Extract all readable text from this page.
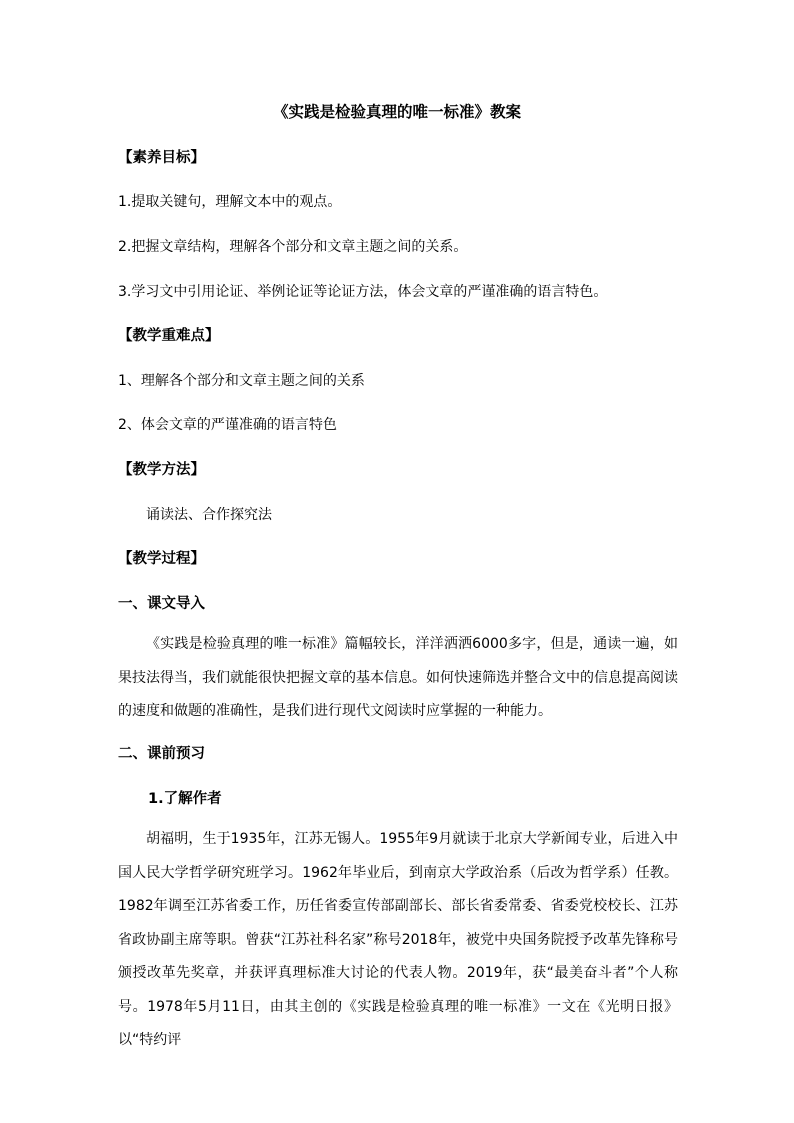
《实践是检验真理的唯一标准》教案
【素养目标】
1.提取关键句，理解文本中的观点。
2.把握文章结构，理解各个部分和文章主题之间的关系。
3.学习文中引用论证、举例论证等论证方法，体会文章的严谨准确的语言特色。
【教学重难点】
1、理解各个部分和文章主题之间的关系
2、体会文章的严谨准确的语言特色
【教学方法】
诵读法、合作探究法
【教学过程】
一、课文导入

《实践是检验真理的唯一标准》篇幅较长，洋洋洒洒6000多字，但是，通读一遍，如果技法得当，我们就能很快把握文章的基本信息。如何快速筛选并整合文中的信息提高阅读的速度和做题的准确性，是我们进行现代文阅读时应掌握的一种能力。

二、课前预习
1.了解作者

胡福明，生于1935年，江苏无锡人。1955年9月就读于北京大学新闻专业，后进入中国人民大学哲学研究班学习。1962年毕业后，到南京大学政治系（后改为哲学系）任教。1982年调至江苏省委工作，历任省委宣传部副部长、部长省委常委、省委党校校长、江苏省政协副主席等职。曾获“江苏社科名家”称号2018年，被党中央国务院授予改革先锋称号颁授改革先奖章，并获评真理标准大讨论的代表人物。2019年，获“最美奋斗者”个人称号。1978年5月11日，由其主创的《实践是检验真理的唯一标准》一文在《光明日报》以“特约评
